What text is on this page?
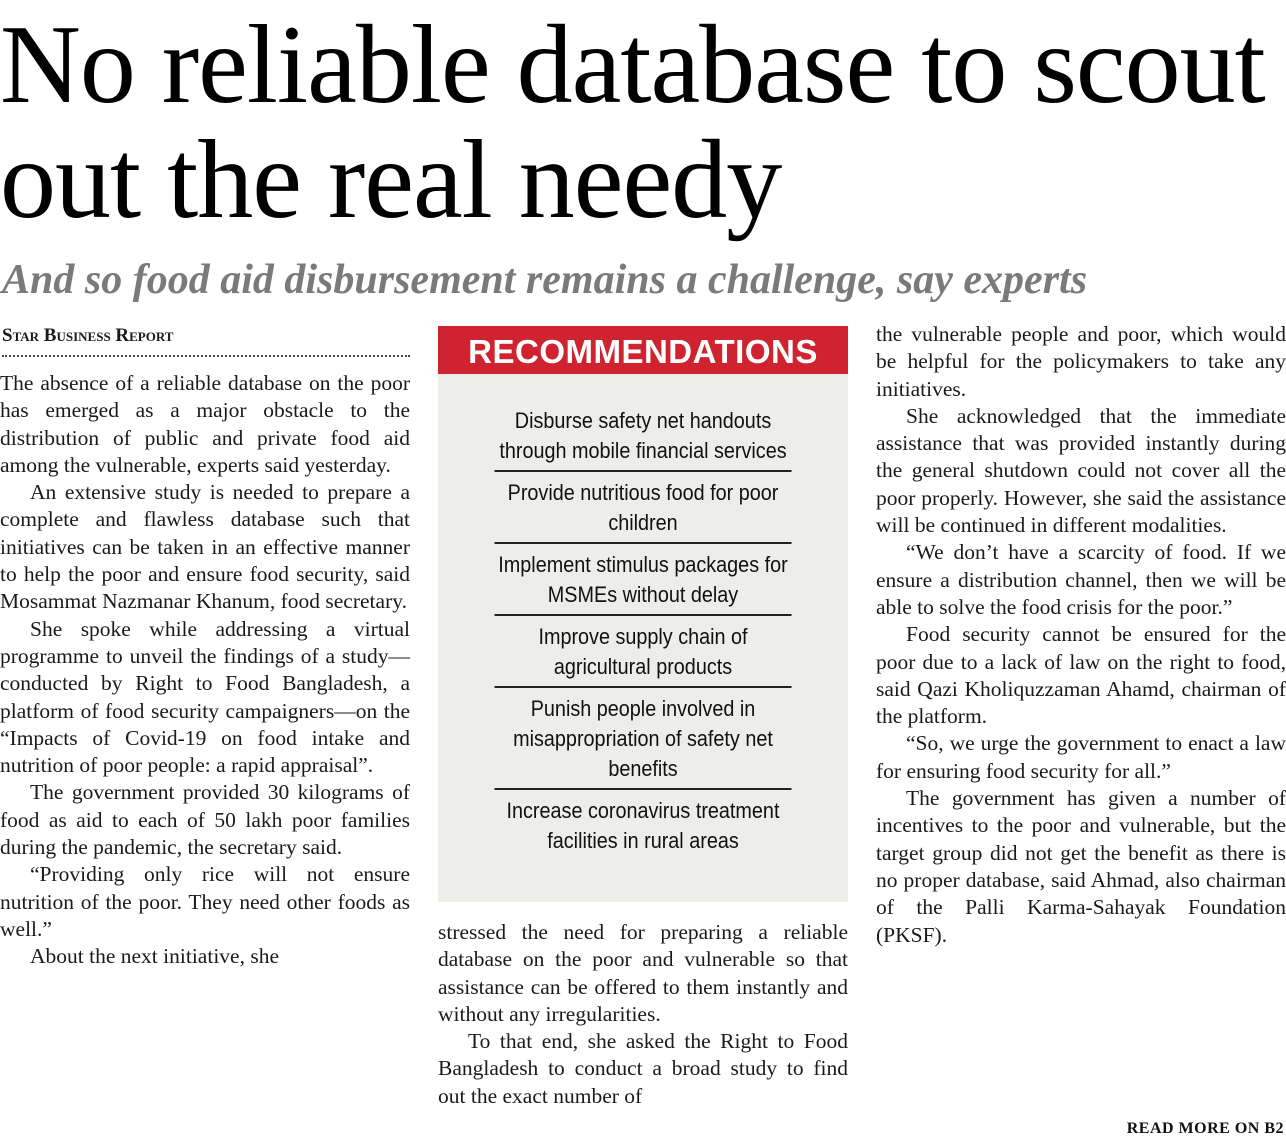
No reliable database to scout out the real needy
And so food aid disbursement remains a challenge, say experts
Star Business Report

The absence of a reliable database on the poor has emerged as a major obstacle to the distribution of public and private food aid among the vulnerable, experts said yesterday.

An extensive study is needed to prepare a complete and flawless database such that initiatives can be taken in an effective manner to help the poor and ensure food security, said Mosammat Nazmanar Khanum, food secretary.

She spoke while addressing a virtual programme to unveil the findings of a study—conducted by Right to Food Bangladesh, a platform of food security campaigners—on the “Impacts of Covid-19 on food intake and nutrition of poor people: a rapid appraisal”.

The government provided 30 kilograms of food as aid to each of 50 lakh poor families during the pandemic, the secretary said.

“Providing only rice will not ensure nutrition of the poor. They need other foods as well.”

About the next initiative, she

RECOMMENDATIONS
Disburse safety net handouts through mobile financial services
Provide nutritious food for poor children
Implement stimulus packages for MSMEs without delay
Improve supply chain of agricultural products
Punish people involved in misappropriation of safety net benefits
Increase coronavirus treatment facilities in rural areas

stressed the need for preparing a reliable database on the poor and vulnerable so that assistance can be offered to them instantly and without any irregularities.

To that end, she asked the Right to Food Bangladesh to conduct a broad study to find out the exact number of

the vulnerable people and poor, which would be helpful for the policymakers to take any initiatives.

She acknowledged that the immediate assistance that was provided instantly during the general shutdown could not cover all the poor properly. However, she said the assistance will be continued in different modalities.

“We don’t have a scarcity of food. If we ensure a distribution channel, then we will be able to solve the food crisis for the poor.”

Food security cannot be ensured for the poor due to a lack of law on the right to food, said Qazi Kholiquzzaman Ahamd, chairman of the platform.

“So, we urge the government to enact a law for ensuring food security for all.”

The government has given a number of incentives to the poor and vulnerable, but the target group did not get the benefit as there is no proper database, said Ahmad, also chairman of the Palli Karma-Sahayak Foundation (PKSF).

READ MORE ON B2
